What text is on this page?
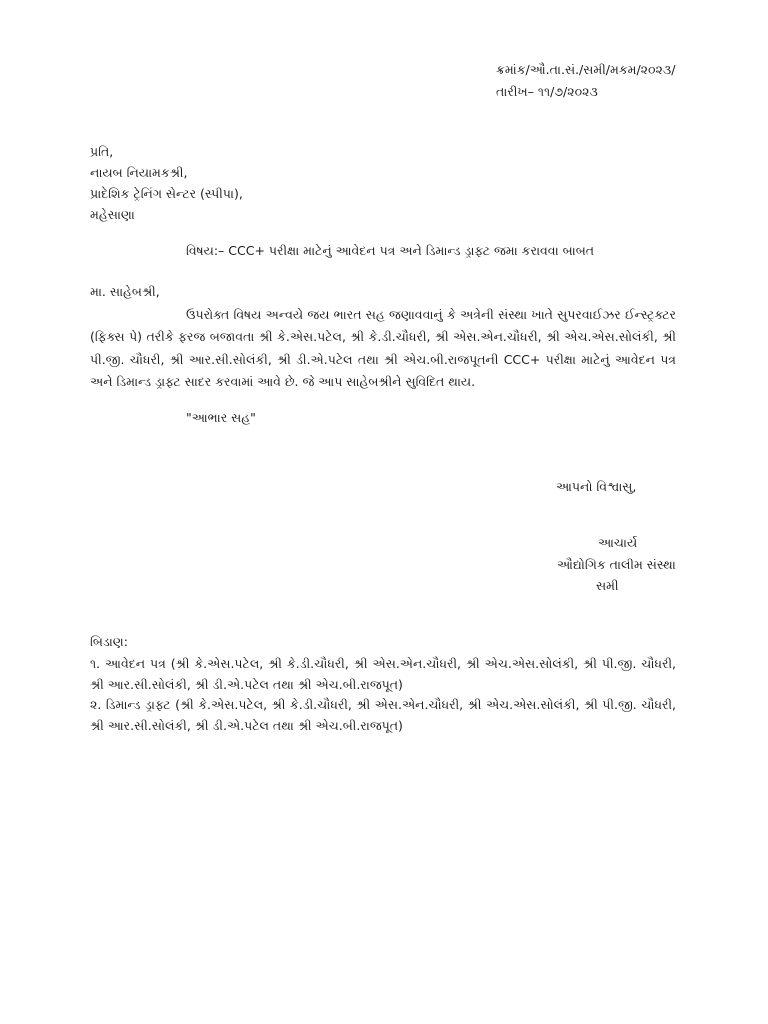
ક્રમાંક/ઔ.તા.સં./સમી/મકમ/૨૦૨૩/
તારીખ– ૧૧/૭/૨૦૨૩
પ્રતિ,
નાયબ નિયામકશ્રી,
પ્રાદેશિક ટ્રેનિંગ સેન્ટર (સ્પીપા),
મહેસાણા
વિષય:– CCC+ પરીક્ષા માટેનું આવેદન પત્ર અને ડિમાન્ડ ડ્રાફ્ટ જમા કરાવવા બાબત
મા. સાહેબશ્રી,
ઉપરોક્ત વિષય અન્વયે જય ભારત સહ જણાવવાનું કે અત્રેની સંસ્થા ખાતે સુપરવાઈઝર ઈન્સ્ટ્રક્ટર (ફિક્સ પે) તરીકે ફરજ બજાવતા શ્રી કે.એસ.પટેલ, શ્રી કે.ડી.ચૌધરી, શ્રી એસ.એન.ચૌધરી, શ્રી એચ.એસ.સોલંકી, શ્રી પી.જી. ચૌધરી, શ્રી આર.સી.સોલંકી, શ્રી ડી.એ.પટેલ તથા શ્રી એચ.બી.રાજપૂતની CCC+ પરીક્ષા માટેનું આવેદન પત્ર અને ડિમાન્ડ ડ્રાફ્ટ સાદર કરવામાં આવે છે. જે આપ સાહેબશ્રીને સુવિદિત થાય.
"આભાર સહ"
આપનો વિશ્વાસુ,
આચાર્ય
ઔદ્યોગિક તાલીમ સંસ્થા
સમી
બિડાણ:
૧. આવેદન પત્ર (શ્રી કે.એસ.પટેલ, શ્રી કે.ડી.ચૌધરી, શ્રી એસ.એન.ચૌધરી, શ્રી એચ.એસ.સોલંકી, શ્રી પી.જી. ચૌધરી, શ્રી આર.સી.સોલંકી, શ્રી ડી.એ.પટેલ તથા શ્રી એચ.બી.રાજપૂત)
૨. ડિમાન્ડ ડ્રાફ્ટ (શ્રી કે.એસ.પટેલ, શ્રી કે.ડી.ચૌધરી, શ્રી એસ.એન.ચૌધરી, શ્રી એચ.એસ.સોલંકી, શ્રી પી.જી. ચૌધરી, શ્રી આર.સી.સોલંકી, શ્રી ડી.એ.પટેલ તથા શ્રી એચ.બી.રાજપૂત)
